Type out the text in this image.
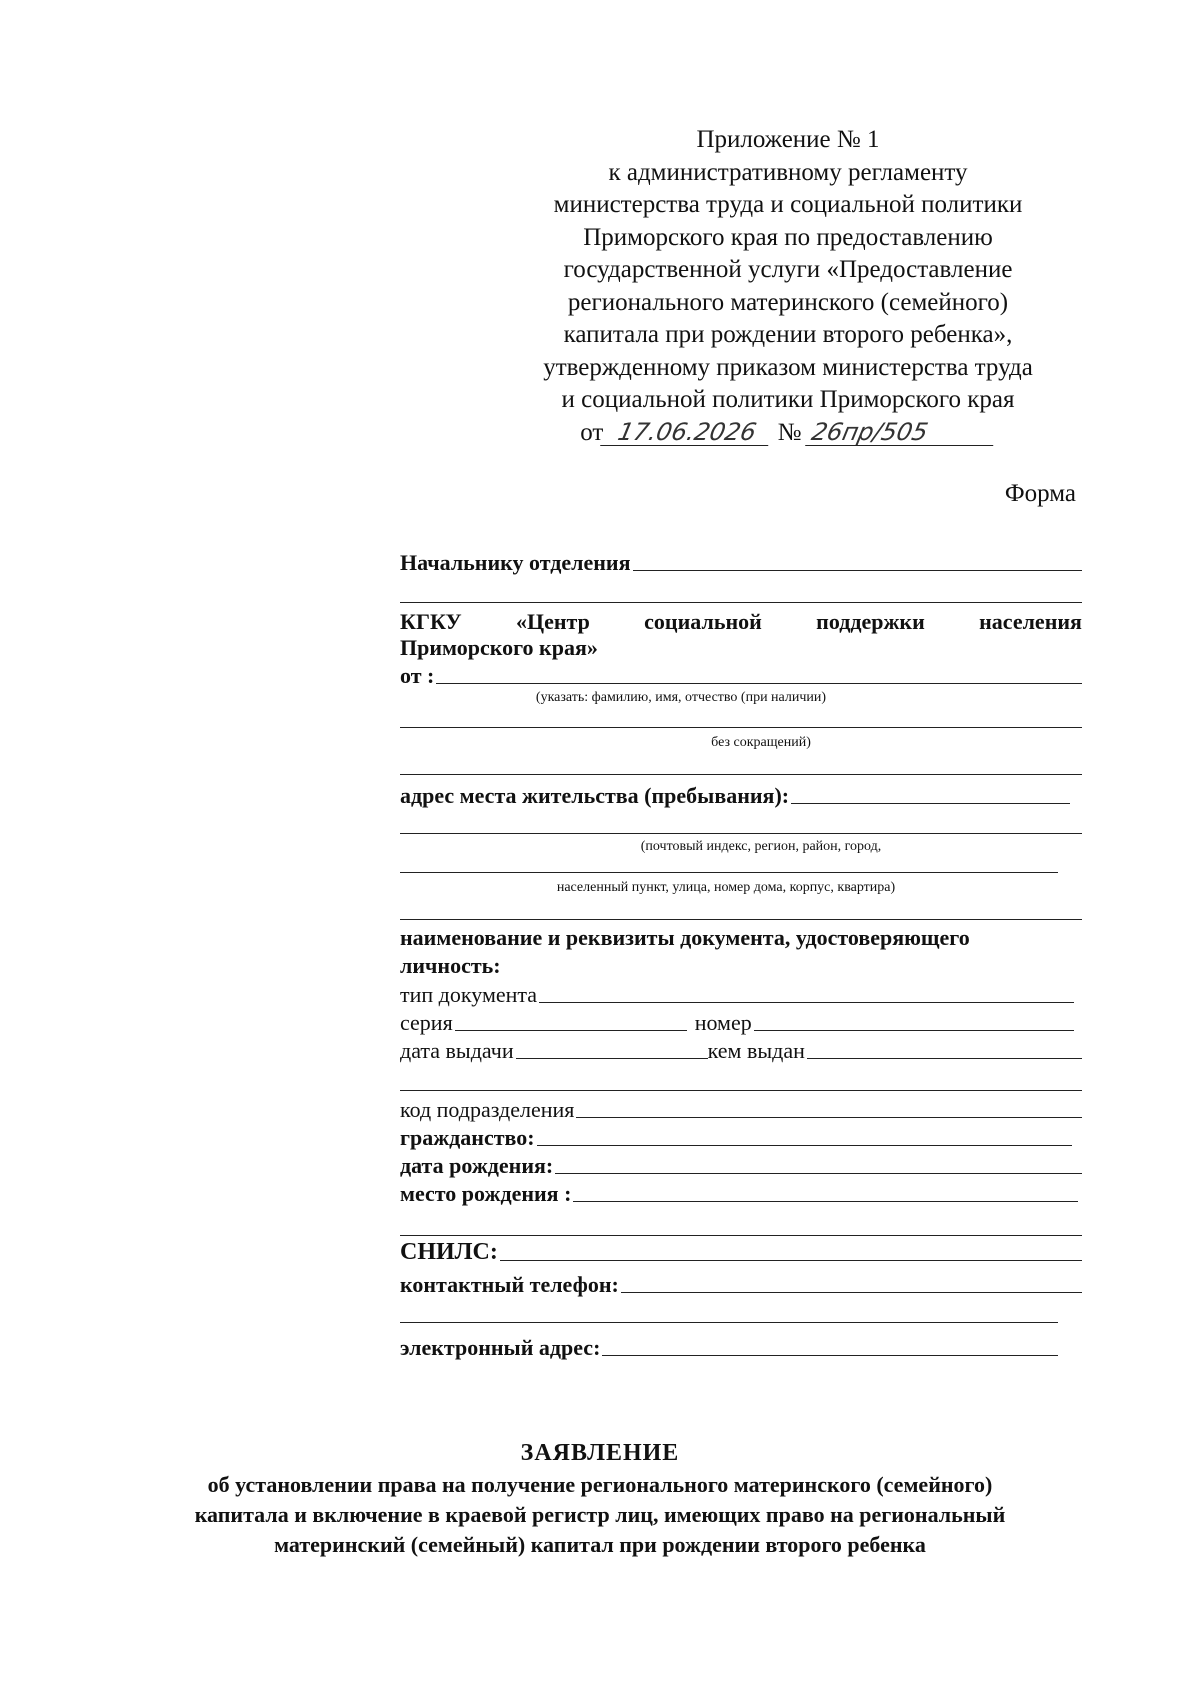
Приложение № 1
к административному регламенту
министерства труда и социальной политики
Приморского края по предоставлению
государственной услуги «Предоставление
регионального материнского (семейного)
капитала при рождении второго ребенка»,
утвержденному приказом министерства труда
и социальной политики Приморского края
от 17.06.2026 № 26пр/505
Форма
Начальнику отделения
КГКУ «Центр социальной поддержки населения
Приморского края»
от :
(указать: фамилию, имя, отчество (при наличии)
без сокращений)
адрес места жительства (пребывания):
(почтовый индекс, регион, район, город,
населенный пункт, улица, номер дома, корпус, квартира)
наименование и реквизиты документа, удостоверяющего
личность:
тип документа
серия	номер
дата выдачи	кем выдан
код подразделения
гражданство:
дата рождения:
место рождения :
СНИЛС:
контактный телефон:
электронный адрес:
ЗАЯВЛЕНИЕ
об установлении права на получение регионального материнского (семейного)
капитала и включение в краевой регистр лиц, имеющих право на региональный
материнский (семейный) капитал при рождении второго ребенка
